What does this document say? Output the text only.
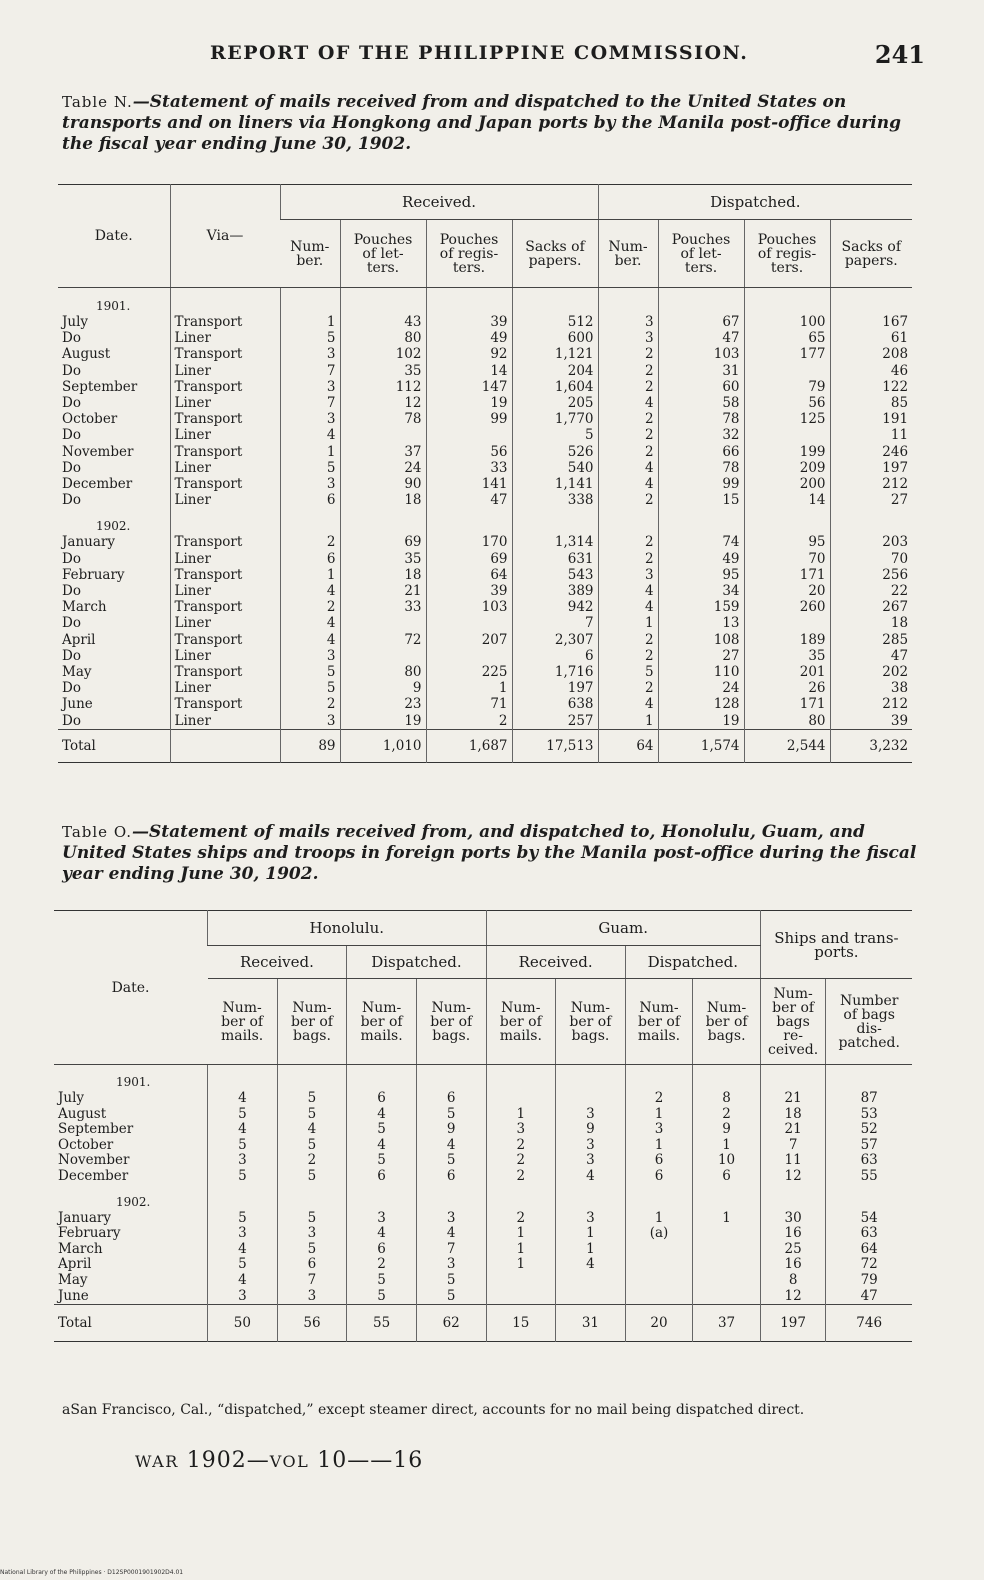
REPORT OF THE PHILIPPINE COMMISSION.	241
Table N.—Statement of mails received from and dispatched to the United States on transports and on liners via Hongkong and Japan ports by the Manila post-office during the fiscal year ending June 30, 1902.
Date.	Via—	Received.				Dispatched.			
		Num-
ber.	Pouches
of let-
ters.	Pouches
of regis-
ters.	Sacks of
papers.	Num-
ber.	Pouches
of let-
ters.	Pouches
of regis-
ters.	Sacks of
papers.
1901.									
July	Transport	1	43	39	512	3	67	100	167
Do	Liner	5	80	49	600	3	47	65	61
August	Transport	3	102	92	1,121	2	103	177	208
Do	Liner	7	35	14	204	2	31		46
September	Transport	3	112	147	1,604	2	60	79	122
Do	Liner	7	12	19	205	4	58	56	85
October	Transport	3	78	99	1,770	2	78	125	191
Do	Liner	4			5	2	32		11
November	Transport	1	37	56	526	2	66	199	246
Do	Liner	5	24	33	540	4	78	209	197
December	Transport	3	90	141	1,141	4	99	200	212
Do	Liner	6	18	47	338	2	15	14	27
1902.									
January	Transport	2	69	170	1,314	2	74	95	203
Do	Liner	6	35	69	631	2	49	70	70
February	Transport	1	18	64	543	3	95	171	256
Do	Liner	4	21	39	389	4	34	20	22
March	Transport	2	33	103	942	4	159	260	267
Do	Liner	4			7	1	13		18
April	Transport	4	72	207	2,307	2	108	189	285
Do	Liner	3			6	2	27	35	47
May	Transport	5	80	225	1,716	5	110	201	202
Do	Liner	5	9	1	197	2	24	26	38
June	Transport	2	23	71	638	4	128	171	212
Do	Liner	3	19	2	257	1	19	80	39
Total		89	1,010	1,687	17,513	64	1,574	2,544	3,232
Table O.—Statement of mails received from, and dispatched to, Honolulu, Guam, and United States ships and troops in foreign ports by the Manila post-office during the fiscal year ending June 30, 1902.
Date.	Honolulu.				Guam.				Ships and trans-
ports.	
	Received.		Dispatched.		Received.		Dispatched.			
	Num-
ber of
mails.	Num-
ber of
bags.	Num-
ber of
mails.	Num-
ber of
bags.	Num-
ber of
mails.	Num-
ber of
bags.	Num-
ber of
mails.	Num-
ber of
bags.	Num-
ber of
bags
re-
ceived.	Number
of bags
dis-
patched.
1901.										
July	4	5	6	6			2	8	21	87
August	5	5	4	5	1	3	1	2	18	53
September	4	4	5	9	3	9	3	9	21	52
October	5	5	4	4	2	3	1	1	7	57
November	3	2	5	5	2	3	6	10	11	63
December	5	5	6	6	2	4	6	6	12	55
1902.										
January	5	5	3	3	2	3	1	1	30	54
February	3	3	4	4	1	1	(a)		16	63
March	4	5	6	7	1	1			25	64
April	5	6	2	3	1	4			16	72
May	4	7	5	5					8	79
June	3	3	5	5					12	47
Total	50	56	55	62	15	31	20	37	197	746
aSan Francisco, Cal., “dispatched,” except steamer direct, accounts for no mail being dispatched direct.
WAR 1902—VOL 10——16
National Library of the Philippines · D12SP0001901902D4.01
